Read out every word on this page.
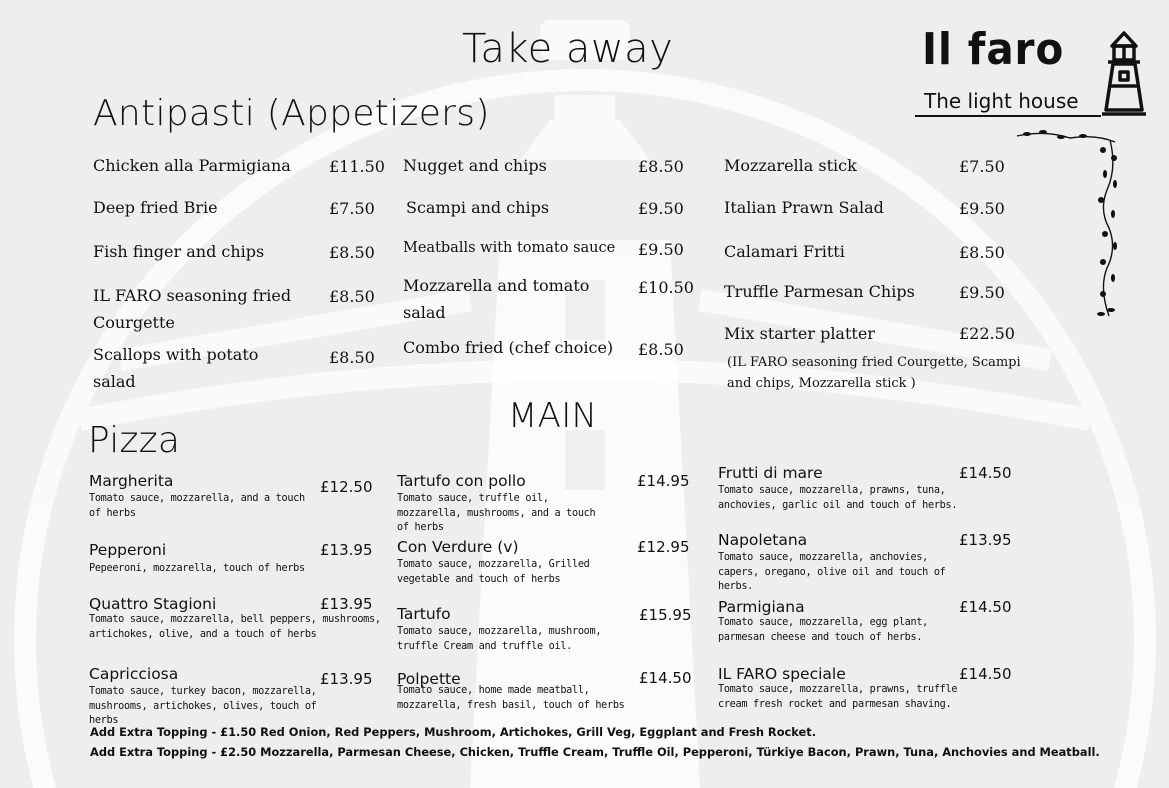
Take away	Il faro
The light house
Antipasti (Appetizers)
Chicken alla Parmigiana £11.50
Deep fried Brie	£7.50
Fish finger and chips	£8.50
IL FARO seasoning fried Courgette
£8.50
Scallops with potato salad
£8.50
Nugget and chips	£8.50
Scampi and chips	£9.50
Meatballs with tomato sauce £9.50
Mozzarella and tomato salad
£10.50
Combo fried (chef choice) £8.50
Mozzarella stick	£7.50
Italian Prawn Salad	£9.50
Calamari Fritti	£8.50
Truffle Parmesan Chips	£9.50
Mix starter platter	£22.50
(IL FARO seasoning fried Courgette, Scampi and chips, Mozzarella stick )
MAIN
Pizza
Margherita	£12.50
Tomato sauce, mozzarella, and a touch of herbs
Pepperoni	£13.95
Pepeeroni, mozzarella, touch of herbs
Quattro Stagioni	£13.95
Tomato sauce, mozzarella, bell peppers, mushrooms, artichokes, olive, and a touch of herbs
Capricciosa	£13.95
Tomato sauce, turkey bacon, mozzarella, mushrooms, artichokes, olives, touch of herbs
Tartufo con pollo	£14.95
Tomato sauce, truffle oil, mozzarella, mushrooms, and a touch of herbs
Con Verdure (v)	£12.95
Tomato sauce, mozzarella, Grilled vegetable and touch of herbs
Tartufo	£15.95
Tomato sauce, mozzarella, mushroom, truffle Cream and truffle oil.
Polpette	£14.50
Tomato sauce, home made meatball, mozzarella, fresh basil, touch of herbs
Frutti di mare	£14.50
Tomato sauce, mozzarella, prawns, tuna, anchovies, garlic oil and touch of herbs.
Napoletana	£13.95
Tomato sauce, mozzarella, anchovies, capers, oregano, olive oil and touch of herbs.
Parmigiana	£14.50
Tomato sauce, mozzarella, egg plant, parmesan cheese and touch of herbs.
IL FARO speciale	£14.50
Tomato sauce, mozzarella, prawns, truffle cream fresh rocket and parmesan shaving.
Add Extra Topping - £1.50 Red Onion, Red Peppers, Mushroom, Artichokes, Grill Veg, Eggplant and Fresh Rocket.
Add Extra Topping - £2.50 Mozzarella, Parmesan Cheese, Chicken, Truffle Cream, Truffle Oil, Pepperoni, Türkiye Bacon, Prawn, Tuna, Anchovies and Meatball.
